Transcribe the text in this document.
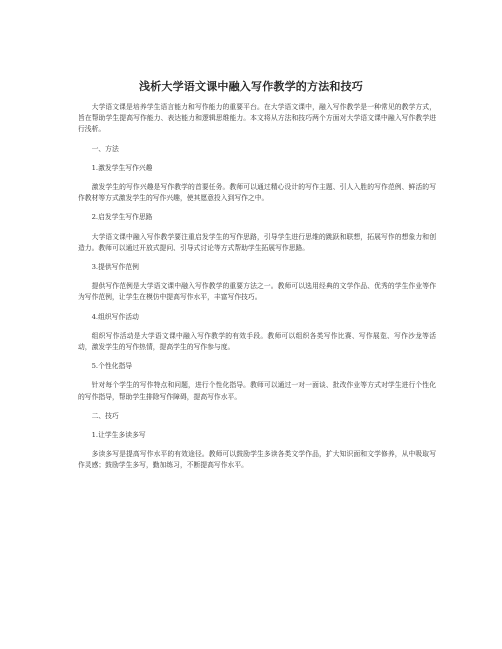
浅析大学语文课中融入写作教学的方法和技巧

大学语文课是培养学生语言能力和写作能力的重要平台。在大学语文课中，融入写作教学是一种常见的教学方式，旨在帮助学生提高写作能力、表达能力和逻辑思维能力。本文将从方法和技巧两个方面对大学语文课中融入写作教学进行浅析。

一、方法

1.激发学生写作兴趣

激发学生的写作兴趣是写作教学的首要任务。教师可以通过精心设计的写作主题、引人入胜的写作范例、鲜活的写作教材等方式激发学生的写作兴趣，使其愿意投入到写作之中。

2.启发学生写作思路

大学语文课中融入写作教学要注重启发学生的写作思路，引导学生进行思维的跳跃和联想，拓展写作的想象力和创造力。教师可以通过开放式提问、引导式讨论等方式帮助学生拓展写作思路。

3.提供写作范例

提供写作范例是大学语文课中融入写作教学的重要方法之一。教师可以选用经典的文学作品、优秀的学生作业等作为写作范例，让学生在模仿中提高写作水平，丰富写作技巧。

4.组织写作活动

组织写作活动是大学语文课中融入写作教学的有效手段。教师可以组织各类写作比赛、写作展览、写作沙龙等活动，激发学生的写作热情，提高学生的写作参与度。

5.个性化指导

针对每个学生的写作特点和问题，进行个性化指导。教师可以通过一对一面谈、批改作业等方式对学生进行个性化的写作指导，帮助学生排除写作障碍，提高写作水平。

二、技巧

1.让学生多读多写

多读多写是提高写作水平的有效途径。教师可以鼓励学生多读各类文学作品，扩大知识面和文学修养，从中吸取写作灵感；鼓励学生多写，勤加练习，不断提高写作水平。
